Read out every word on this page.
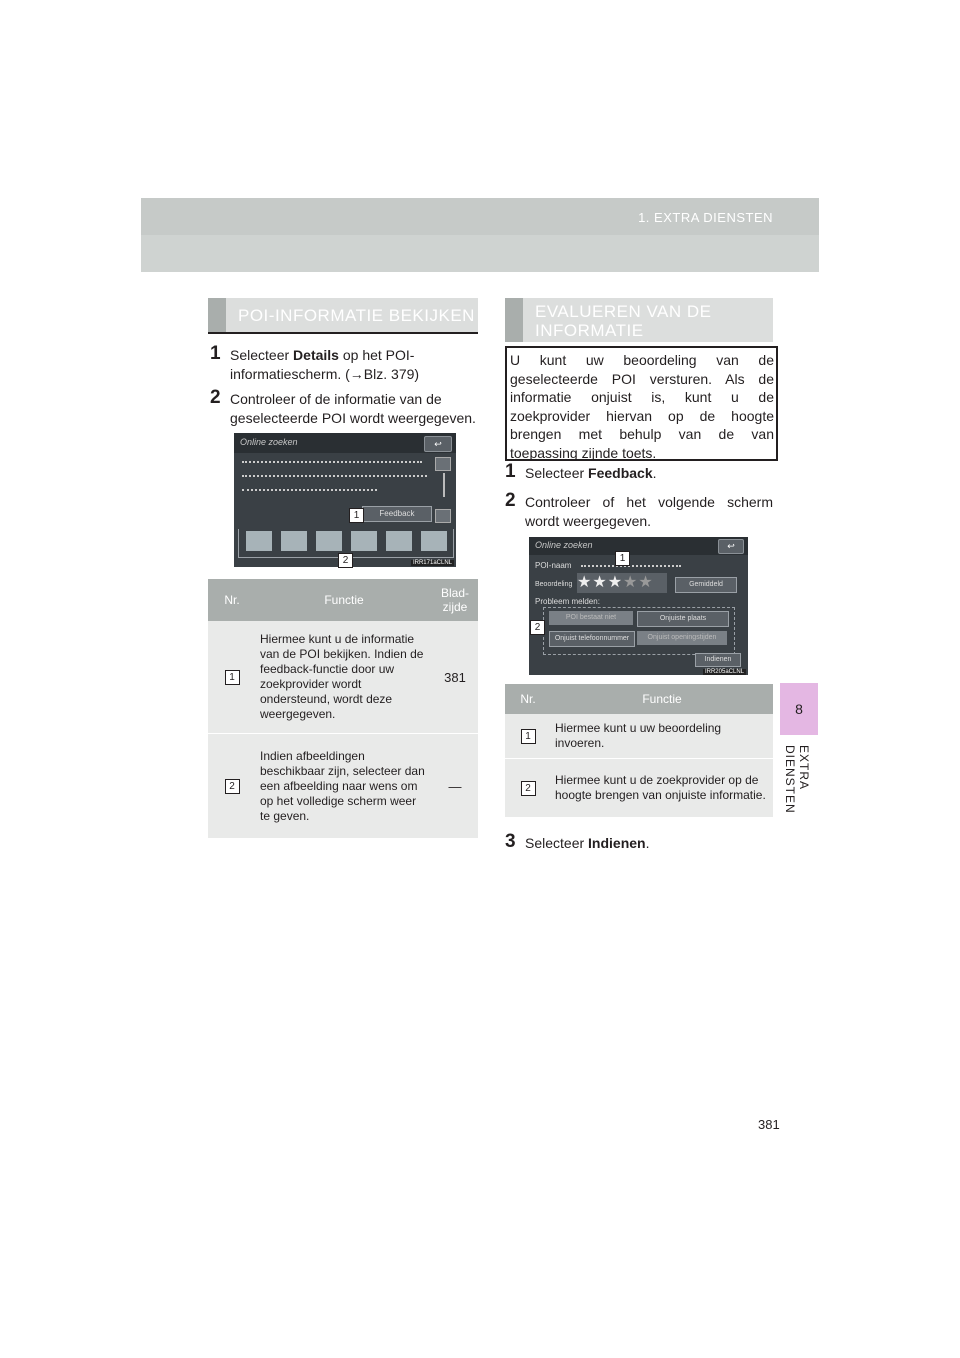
1. EXTRA DIENSTEN
8
EXTRA DIENSTEN
POI-INFORMATIE BEKIJKEN
1 Selecteer Details op het POI-informatiescherm. (→Blz. 379)
2 Controleer of de informatie van de geselecteerde POI wordt weergegeven.
Online zoeken	↩
Feedback
IRR171aCLNL
1
2
Nr.	Functie	Blad-zijde
1	Hiermee kunt u de informatie van de POI bekijken. Indien de feedback-functie door uw zoekprovider wordt ondersteund, wordt deze weergegeven.	381
2	Indien afbeeldingen beschikbaar zijn, selecteer dan een afbeelding naar wens om op het volledige scherm weer te geven.	—
EVALUEREN VAN DE
INFORMATIE
U kunt uw beoordeling van de geselecteerde POI versturen. Als de informatie onjuist is, kunt u de zoekprovider hiervan op de hoogte brengen met behulp van de van toepassing zijnde toets.
1 Selecteer Feedback.
2 Controleer of het volgende scherm wordt weergegeven.
Online zoeken	↩
POI-naam
Beoordeling ★★★★★	Gemiddeld
Probleem melden:
POI bestaat niet	Onjuiste plaats
Onjuist telefoonnummer	Onjuist openingstijden
Indienen
IRR205aCLNL
1
2
Nr.	Functie
1	Hiermee kunt u uw beoordeling invoeren.
2	Hiermee kunt u de zoekprovider op de hoogte brengen van onjuiste informatie.
3 Selecteer Indienen.
381
